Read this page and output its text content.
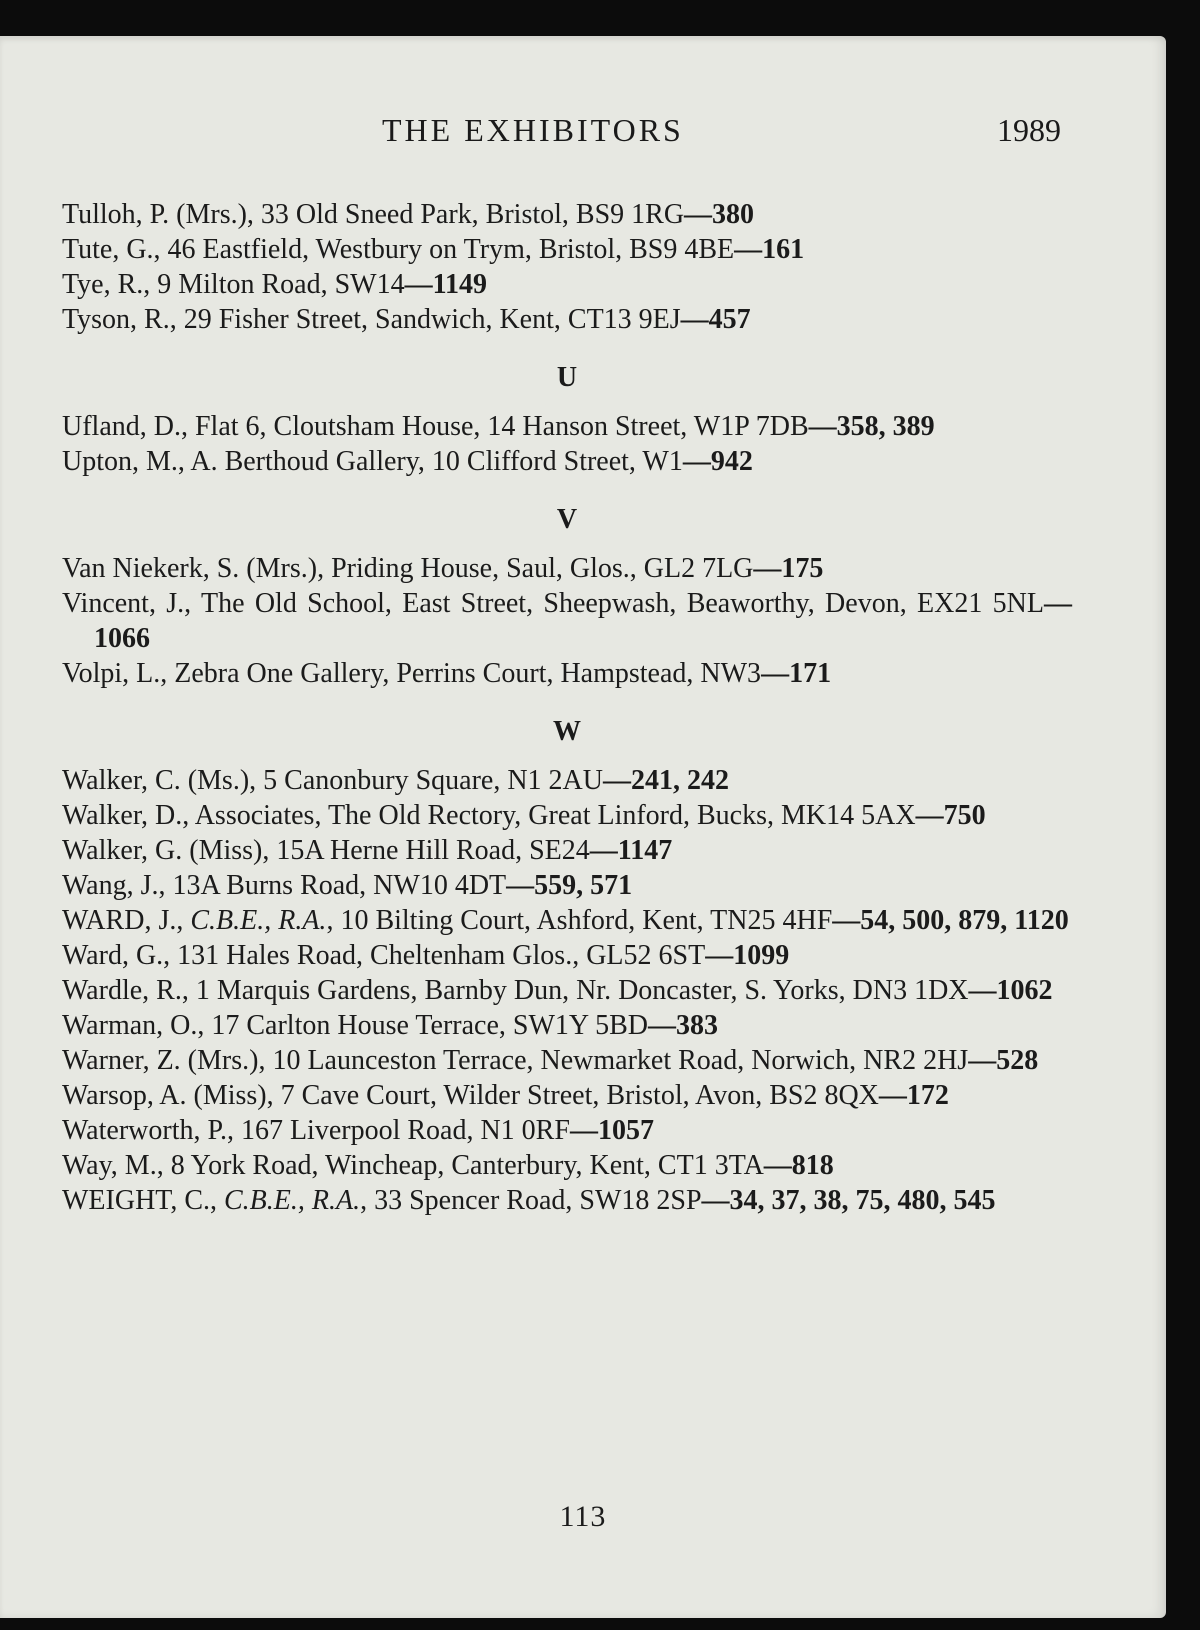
THE EXHIBITORS	1989

Tulloh, P. (Mrs.), 33 Old Sneed Park, Bristol, BS9 1RG—380

Tute, G., 46 Eastfield, Westbury on Trym, Bristol, BS9 4BE—161

Tye, R., 9 Milton Road, SW14—1149

Tyson, R., 29 Fisher Street, Sandwich, Kent, CT13 9EJ—457

U

Ufland, D., Flat 6, Cloutsham House, 14 Hanson Street, W1P 7DB—358, 389

Upton, M., A. Berthoud Gallery, 10 Clifford Street, W1—942

V

Van Niekerk, S. (Mrs.), Priding House, Saul, Glos., GL2 7LG—175

Vincent, J., The Old School, East Street, Sheepwash, Beaworthy, Devon, EX21 5NL—1066

Volpi, L., Zebra One Gallery, Perrins Court, Hampstead, NW3—171

W

Walker, C. (Ms.), 5 Canonbury Square, N1 2AU—241, 242

Walker, D., Associates, The Old Rectory, Great Linford, Bucks, MK14 5AX—750

Walker, G. (Miss), 15A Herne Hill Road, SE24—1147

Wang, J., 13A Burns Road, NW10 4DT—559, 571

WARD, J., C.B.E., R.A., 10 Bilting Court, Ashford, Kent, TN25 4HF—54, 500, 879, 1120

Ward, G., 131 Hales Road, Cheltenham Glos., GL52 6ST—1099

Wardle, R., 1 Marquis Gardens, Barnby Dun, Nr. Doncaster, S. Yorks, DN3 1DX—1062

Warman, O., 17 Carlton House Terrace, SW1Y 5BD—383

Warner, Z. (Mrs.), 10 Launceston Terrace, Newmarket Road, Norwich, NR2 2HJ—528

Warsop, A. (Miss), 7 Cave Court, Wilder Street, Bristol, Avon, BS2 8QX—172

Waterworth, P., 167 Liverpool Road, N1 0RF—1057

Way, M., 8 York Road, Wincheap, Canterbury, Kent, CT1 3TA—818

WEIGHT, C., C.B.E., R.A., 33 Spencer Road, SW18 2SP—34, 37, 38, 75, 480, 545

113
